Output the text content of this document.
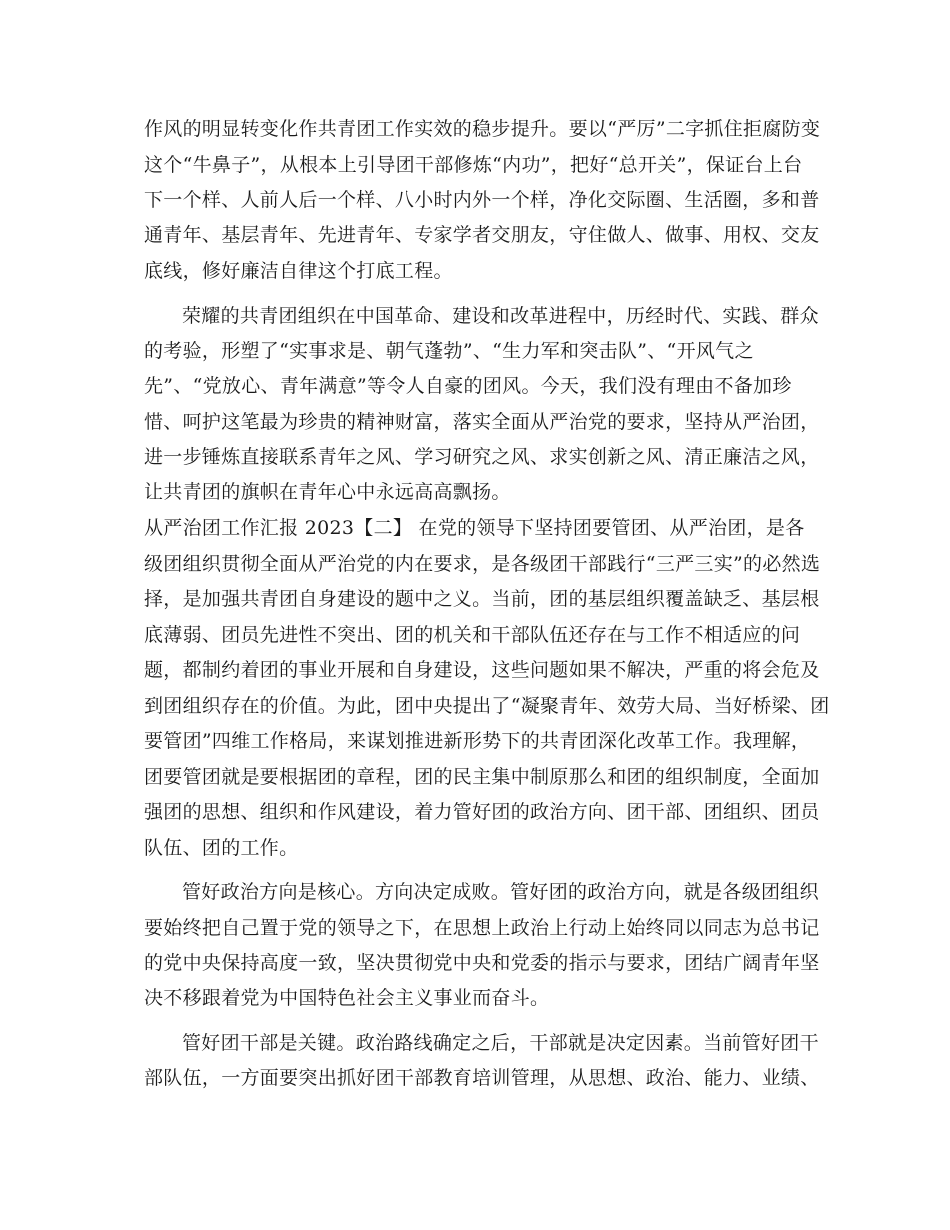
作风的明显转变化作共青团工作实效的稳步提升。要以“严厉”二字抓住拒腐防变
这个“牛鼻子”，从根本上引导团干部修炼“内功”，把好“总开关”，保证台上台
下一个样、人前人后一个样、八小时内外一个样，净化交际圈、生活圈，多和普
通青年、基层青年、先进青年、专家学者交朋友，守住做人、做事、用权、交友
底线，修好廉洁自律这个打底工程。
荣耀的共青团组织在中国革命、建设和改革进程中，历经时代、实践、群众
的考验，形塑了“实事求是、朝气蓬勃”、“生力军和突击队”、“开风气之
先”、“党放心、青年满意”等令人自豪的团风。今天，我们没有理由不备加珍
惜、呵护这笔最为珍贵的精神财富，落实全面从严治党的要求，坚持从严治团，
进一步锤炼直接联系青年之风、学习研究之风、求实创新之风、清正廉洁之风，
让共青团的旗帜在青年心中永远高高飘扬。
从严治团工作汇报 2023【二】 在党的领导下坚持团要管团、从严治团，是各
级团组织贯彻全面从严治党的内在要求，是各级团干部践行“三严三实”的必然选
择，是加强共青团自身建设的题中之义。当前，团的基层组织覆盖缺乏、基层根
底薄弱、团员先进性不突出、团的机关和干部队伍还存在与工作不相适应的问
题，都制约着团的事业开展和自身建设，这些问题如果不解决，严重的将会危及
到团组织存在的价值。为此，团中央提出了“凝聚青年、效劳大局、当好桥梁、团
要管团”四维工作格局，来谋划推进新形势下的共青团深化改革工作。我理解，
团要管团就是要根据团的章程，团的民主集中制原那么和团的组织制度，全面加
强团的思想、组织和作风建设，着力管好团的政治方向、团干部、团组织、团员
队伍、团的工作。
管好政治方向是核心。方向决定成败。管好团的政治方向，就是各级团组织
要始终把自己置于党的领导之下，在思想上政治上行动上始终同以同志为总书记
的党中央保持高度一致，坚决贯彻党中央和党委的指示与要求，团结广阔青年坚
决不移跟着党为中国特色社会主义事业而奋斗。
管好团干部是关键。政治路线确定之后，干部就是决定因素。当前管好团干
部队伍，一方面要突出抓好团干部教育培训管理，从思想、政治、能力、业绩、
